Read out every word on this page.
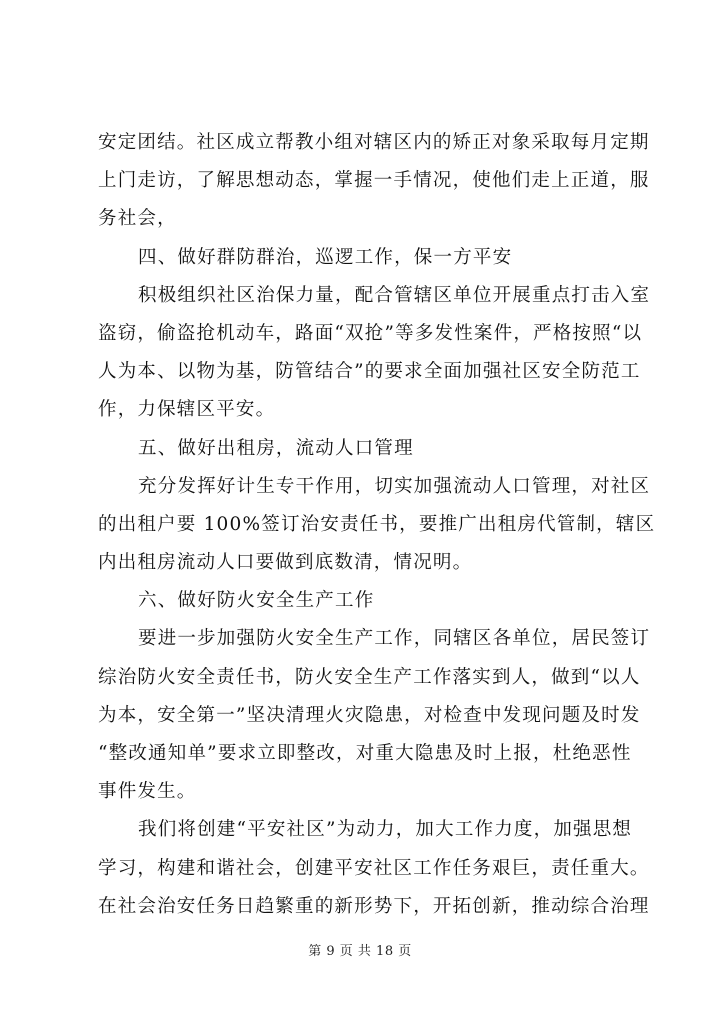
安定团结。社区成立帮教小组对辖区内的矫正对象采取每月定期
上门走访，了解思想动态，掌握一手情况，使他们走上正道，服
务社会，
四、做好群防群治，巡逻工作，保一方平安
积极组织社区治保力量，配合管辖区单位开展重点打击入室
盗窃，偷盗抢机动车，路面“双抢”等多发性案件，严格按照“以
人为本、以物为基，防管结合”的要求全面加强社区安全防范工
作，力保辖区平安。
五、做好出租房，流动人口管理
充分发挥好计生专干作用，切实加强流动人口管理，对社区
的出租户要 100%签订治安责任书，要推广出租房代管制，辖区
内出租房流动人口要做到底数清，情况明。
六、做好防火安全生产工作
要进一步加强防火安全生产工作，同辖区各单位，居民签订
综治防火安全责任书，防火安全生产工作落实到人，做到“以人
为本，安全第一”坚决清理火灾隐患，对检查中发现问题及时发
“整改通知单”要求立即整改，对重大隐患及时上报，杜绝恶性
事件发生。
我们将创建“平安社区”为动力，加大工作力度，加强思想
学习，构建和谐社会，创建平安社区工作任务艰巨，责任重大。
在社会治安任务日趋繁重的新形势下，开拓创新，推动综合治理
第 9 页 共 18 页
